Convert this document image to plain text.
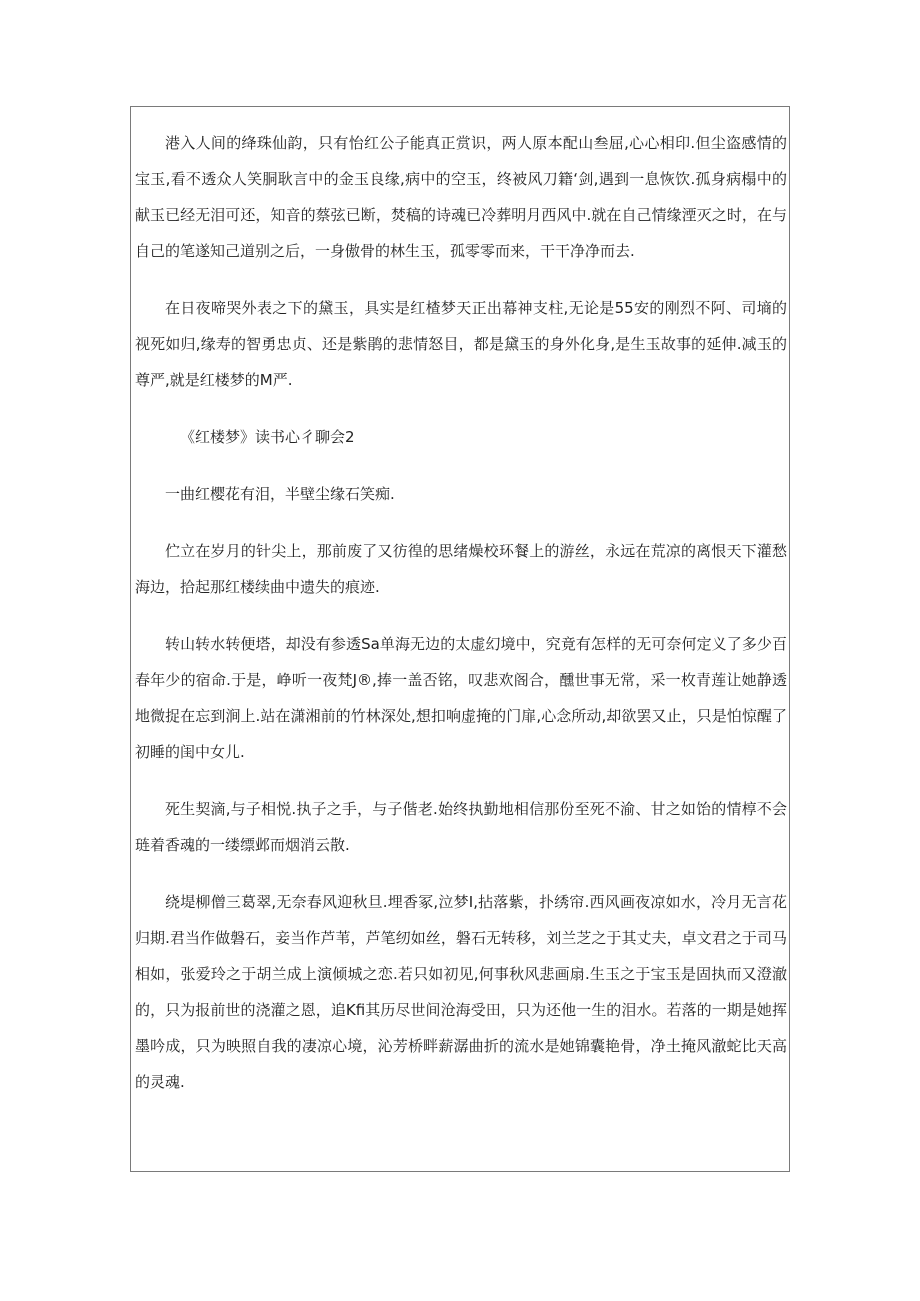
港入人间的绛珠仙韵，只有怡红公子能真正赏识，两人原本配山叁屈,心心相印.但尘盗感情的宝玉,看不透众人笑胴耿言中的金玉良缘,病中的空玉，终被风刀籍‘剑,遇到一息恢饮.孤身病榻中的献玉已经无泪可还，知音的蔡弦已断，焚稿的诗魂已冷葬明月西风中.就在自己情缘湮灭之时，在与自己的笔遂知己道别之后，一身傲骨的林生玉，孤零零而来，干干净净而去.

在日夜啼哭外表之下的黛玉，具实是红楂梦天正出幕神支柱,无论是55安的刚烈不阿、司墒的视死如归,缘寿的智勇忠贞、还是紫鹃的悲情怒目，都是黛玉的身外化身,是生玉故事的延伸.减玉的尊严,就是红楼梦的M严.

《红楼梦》读书心彳聊会2

一曲红樱花有泪，半壁尘缘石笑痴.

伫立在岁月的针尖上，那前废了又彷徨的思绪燥校环餐上的游丝，永远在荒凉的离恨天下灌愁海边，拾起那红楼续曲中遗失的痕迹.

转山转水转便塔，却没有参透Sa单海无边的太虚幻境中，究竟有怎样的无可奈何定义了多少百春年少的宿命.于是，峥听一夜梵J®,捧一盖否铭，叹悲欢阁合，醺世事无常，采一枚青莲让她静透地微捉在忘到涧上.站在潇湘前的竹林深处,想扣响虚掩的门扉,心念所动,却欲罢又止，只是怕惊醒了初睡的闺中女儿.

死生契滴,与子相悦.执子之手，与子偕老.始终执勤地相信那份至死不渝、甘之如饴的情椁不会琏着香魂的一缕缥邺而烟消云散.

绕堤柳僧三葛翠,无奈春风迎秋旦.埋香冢,泣梦I,拈落紫，扑绣帘.西风画夜凉如水，冷月无言花归期.君当作做磐石，妾当作芦苇，芦笔纫如丝，磐石无转移，刘兰芝之于其丈夫，卓文君之于司马相如，张爱玲之于胡兰成上演倾城之恋.若只如初见,何事秋风悲画扇.生玉之于宝玉是固执而又澄澈的，只为报前世的浇灌之恩，追Kfi其历尽世间沧海受田，只为还他一生的泪水。若落的一期是她挥墨吟成，只为映照自我的凄凉心境，沁芳桥畔薪潺曲折的流水是她锦囊艳骨，净土掩风澈蛇比天高的灵魂.
